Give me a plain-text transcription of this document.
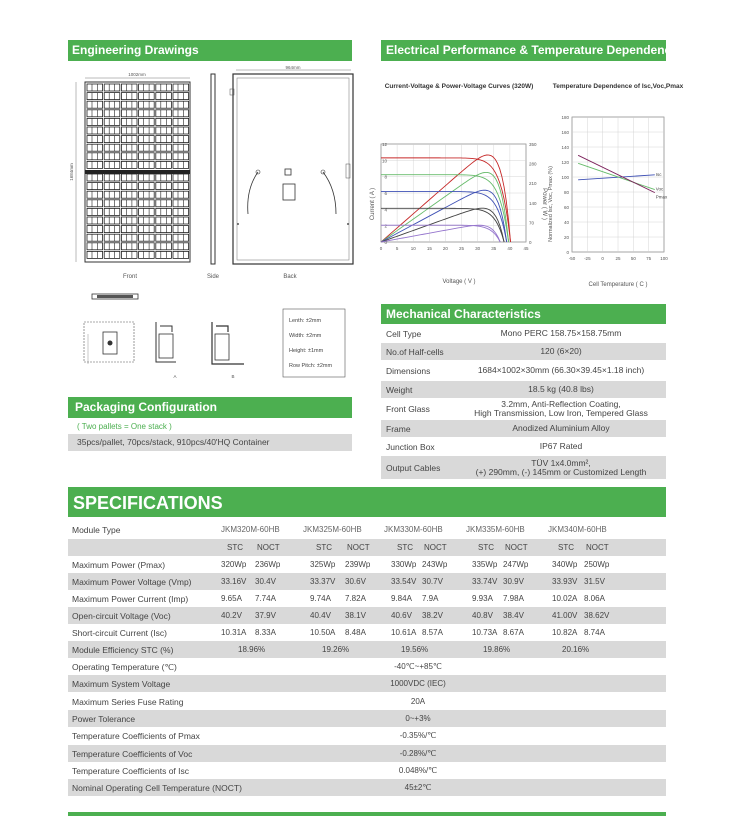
Engineering Drawings
1002mm
1684mm
Front	Side
964mm
Back
A	B
Lenth: ±2mm
Width: ±2mm
Height: ±1mm
Row Pitch: ±2mm
Packaging Configuration
( Two pallets = One stack )
35pcs/pallet, 70pcs/stack, 910pcs/40'HQ Container
Electrical Performance & Temperature Dependence
Current-Voltage & Power-Voltage Curves (320W)
Voltage ( V )
Current ( A )	Power ( W )
0
2
4
6
8
10
12
0	5	10 15 20 25 30 35 40 45
0
70
140
210
280
350
Temperature Dependence of Isc,Voc,Pmax
Cell Temperature ( C )
Normalized Isc, Voc, Pmax (%)
0
20
40
60
80
100
120
140
160
180
-50 -25 0	25 50 75 100
Isc
Voc
Pmax
Mechanical Characteristics
Cell Type	Mono PERC 158.75×158.75mm
No.of Half-cells	120 (6×20)
Dimensions	1684×1002×30mm (66.30×39.45×1.18 inch)
Weight	18.5 kg (40.8 lbs)
Front Glass	3.2mm, Anti-Reflection Coating,
High Transmission, Low Iron, Tempered Glass
Frame	Anodized Aluminium Alloy
Junction Box	IP67 Rated
Output Cables	TÜV 1x4.0mm²,
(+) 290mm, (-) 145mm or Customized Length
SPECIFICATIONS
Module Type	JKM320M-60HB	JKM325M-60HB	JKM330M-60HB	JKM335M-60HB	JKM340M-60HB
STC NOCT	STC NOCT	STC NOCT	STC NOCT	STC NOCT
Maximum Power (Pmax)	320Wp 236Wp	325Wp 239Wp	330Wp 243Wp	335Wp 247Wp	340Wp 250Wp
Maximum Power Voltage (Vmp)	33.16V 30.4V	33.37V 30.6V	33.54V 30.7V	33.74V 30.9V	33.93V 31.5V
Maximum Power Current (Imp)	9.65A 7.74A	9.74A 7.82A	9.84A 7.9A	9.93A 7.98A	10.02A 8.06A
Open-circuit Voltage (Voc)	40.2V 37.9V	40.4V 38.1V	40.6V 38.2V	40.8V 38.4V	41.00V 38.62V
Short-circuit Current (Isc)	10.31A 8.33A	10.50A 8.48A	10.61A 8.57A	10.73A 8.67A	10.82A 8.74A
Module Efficiency STC (%)	18.96%	19.26%	19.56%	19.86%	20.16%
Operating Temperature (℃)	-40℃~+85℃
Maximum System Voltage	1000VDC (IEC)
Maximum Series Fuse Rating	20A
Power Tolerance	0~+3%
Temperature Coefficients of Pmax	-0.35%/℃
Temperature Coefficients of Voc	-0.28%/℃
Temperature Coefficients of Isc	0.048%/℃
Nominal Operating Cell Temperature (NOCT)	45±2℃
